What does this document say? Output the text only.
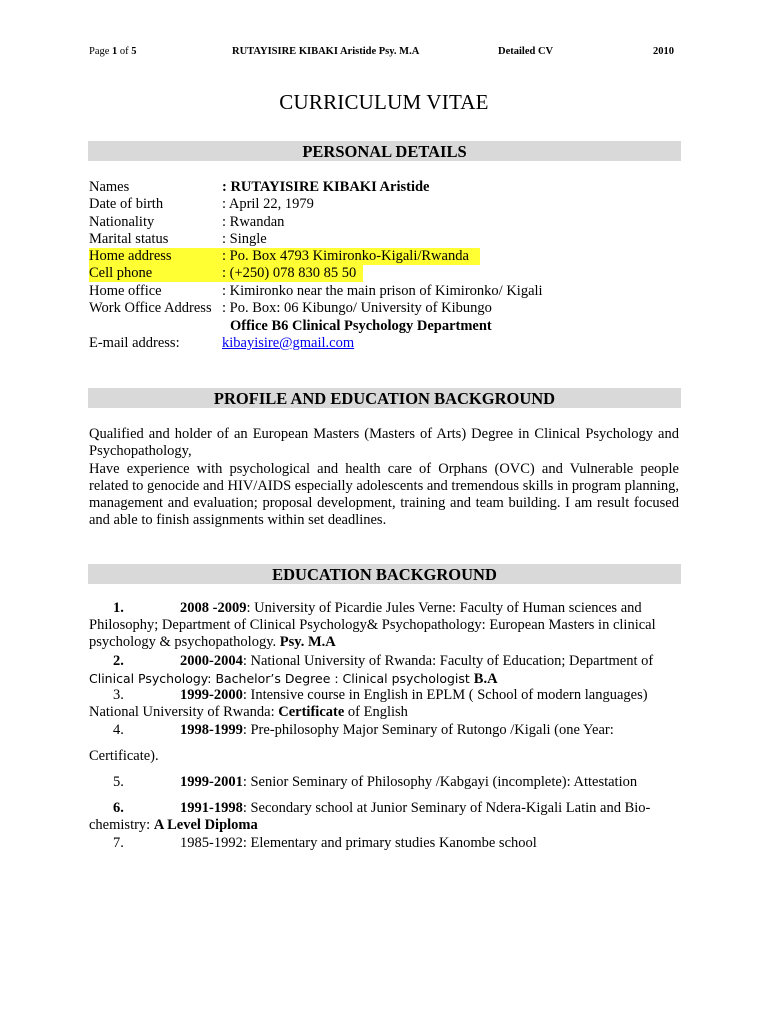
Page 1 of 5	RUTAYISIRE KIBAKI Aristide Psy. M.A	Detailed CV	2010
CURRICULUM VITAE
PERSONAL DETAILS
Names	: RUTAYISIRE KIBAKI Aristide
Date of birth	: April 22, 1979
Nationality	: Rwandan
Marital status	: Single
Home address	: Po. Box 4793 Kimironko-Kigali/Rwanda
Cell phone	: (+250) 078 830 85 50
Home office	: Kimironko near the main prison of Kimironko/ Kigali
Work Office Address : Po. Box: 06 Kibungo/ University of Kibungo
Office B6 Clinical Psychology Department
E-mail address:	kibayisire@gmail.com
PROFILE AND EDUCATION BACKGROUND

Qualified and holder of an European Masters (Masters of Arts) Degree in Clinical Psychology and Psychopathology,

Have experience with psychological and health care of Orphans (OVC) and Vulnerable people related to genocide and HIV/AIDS especially adolescents and tremendous skills in program planning, management and evaluation; proposal development, training and team building. I am result focused and able to finish assignments within set deadlines.

EDUCATION BACKGROUND
1.	2008 -2009: University of Picardie Jules Verne: Faculty of Human sciences and Philosophy; Department of Clinical Psychology& Psychopathology: European Masters in clinical psychology & psychopathology. Psy. M.A
2.	2000-2004: National University of Rwanda: Faculty of Education; Department of Clinical Psychology: Bachelor’s Degree : Clinical psychologist B.A
3.	1999-2000: Intensive course in English in EPLM ( School of modern languages) National University of Rwanda: Certificate of English
4.	1998-1999: Pre-philosophy Major Seminary of Rutongo /Kigali (one Year:
Certificate).
5.	1999-2001: Senior Seminary of Philosophy /Kabgayi (incomplete): Attestation
6.	1991-1998: Secondary school at Junior Seminary of Ndera-Kigali Latin and Bio-chemistry: A Level Diploma
7.	1985-1992: Elementary and primary studies Kanombe school
